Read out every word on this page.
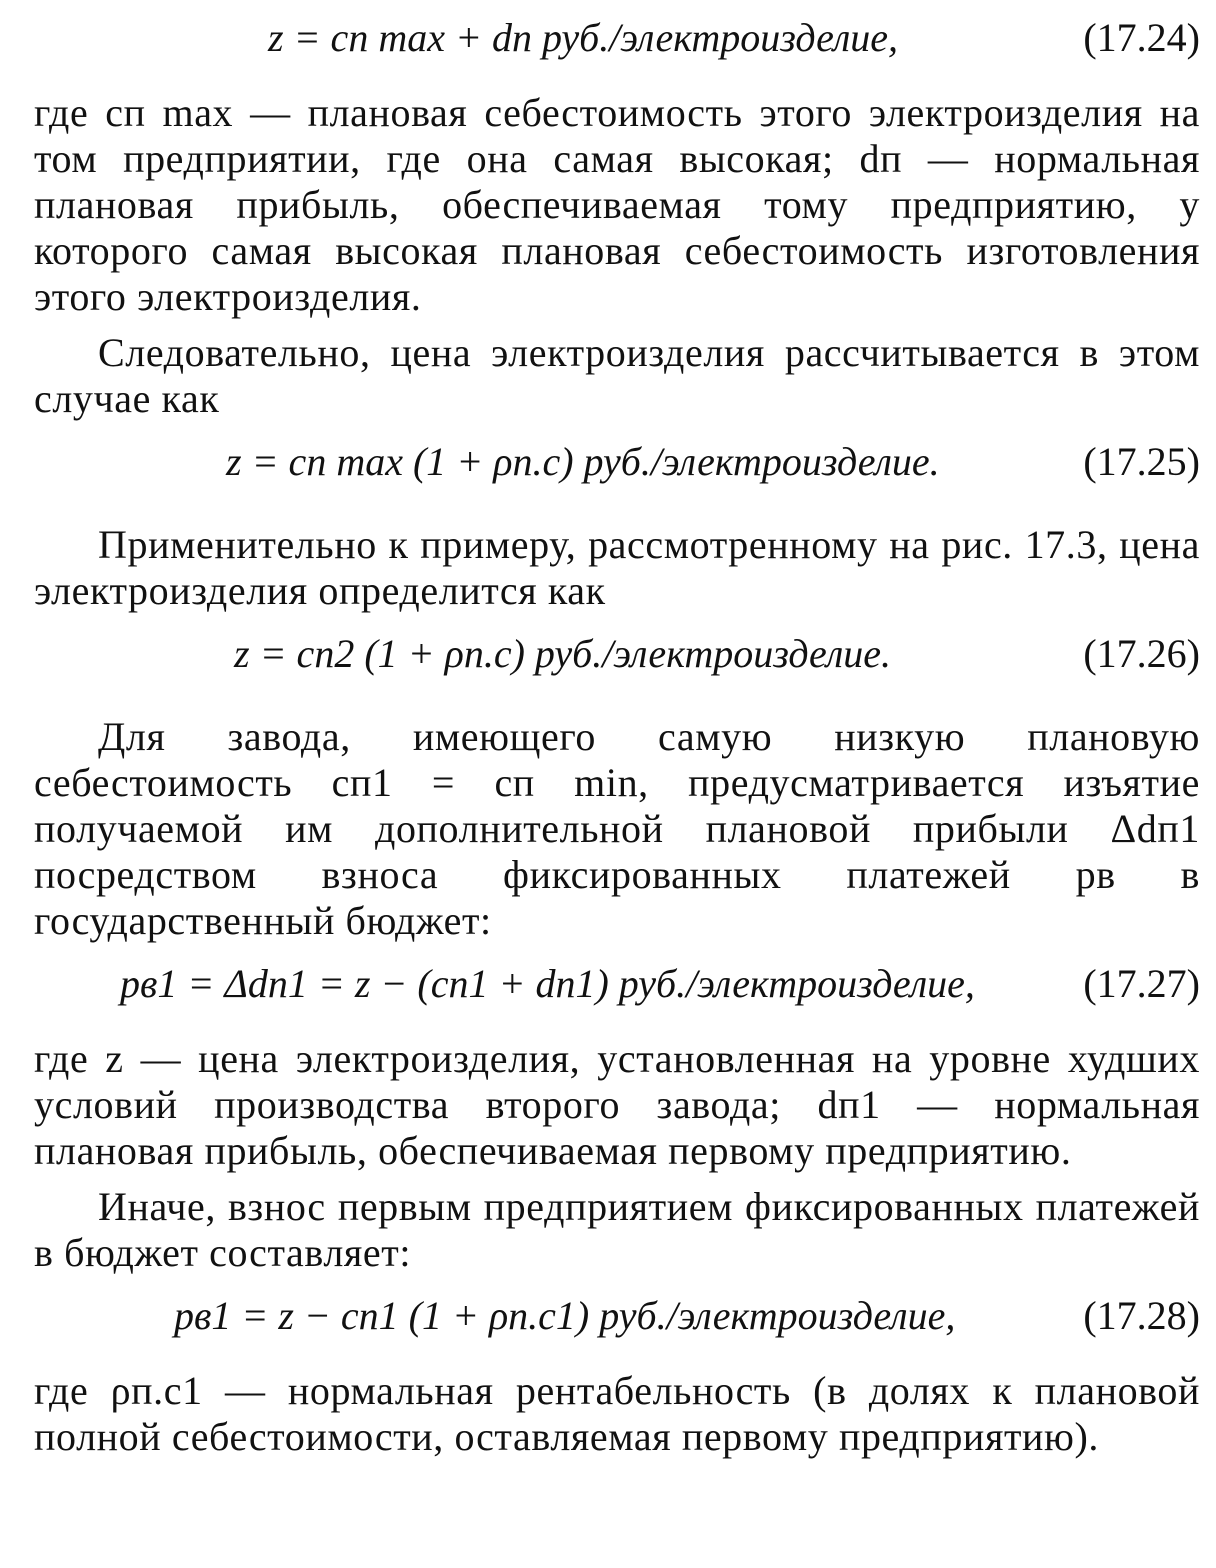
z = cп max + dп руб./электроизделие,	(17.24)

где cп max — плановая себестоимость этого электроизделия на том предприятии, где она самая высокая; dп — нормальная плановая прибыль, обеспечиваемая тому предприятию, у которого самая высокая плановая себестоимость изготовления этого электроизделия.

Следовательно, цена электроизделия рассчитывается в этом случае как

z = cп max (1 + ρп.с) руб./электроизделие.	(17.25)

Применительно к примеру, рассмотренному на рис. 17.3, цена электроизделия определится как

z = cп2 (1 + ρп.с) руб./электроизделие.	(17.26)

Для завода, имеющего самую низкую плановую себестоимость cп1 = cп min, предусматривается изъятие получаемой им дополнительной плановой прибыли Δdп1 посредством взноса фиксированных платежей pв в государственный бюджет:

pв1 = Δdп1 = z − (cп1 + dп1) руб./электроизделие,	(17.27)

где z — цена электроизделия, установленная на уровне худших условий производства второго завода; dп1 — нормальная плановая прибыль, обеспечиваемая первому предприятию.

Иначе, взнос первым предприятием фиксированных платежей в бюджет составляет:

pв1 = z − cп1 (1 + ρп.с1) руб./электроизделие,	(17.28)

где ρп.с1 — нормальная рентабельность (в долях к плановой полной себестоимости, оставляемая первому предприятию).
